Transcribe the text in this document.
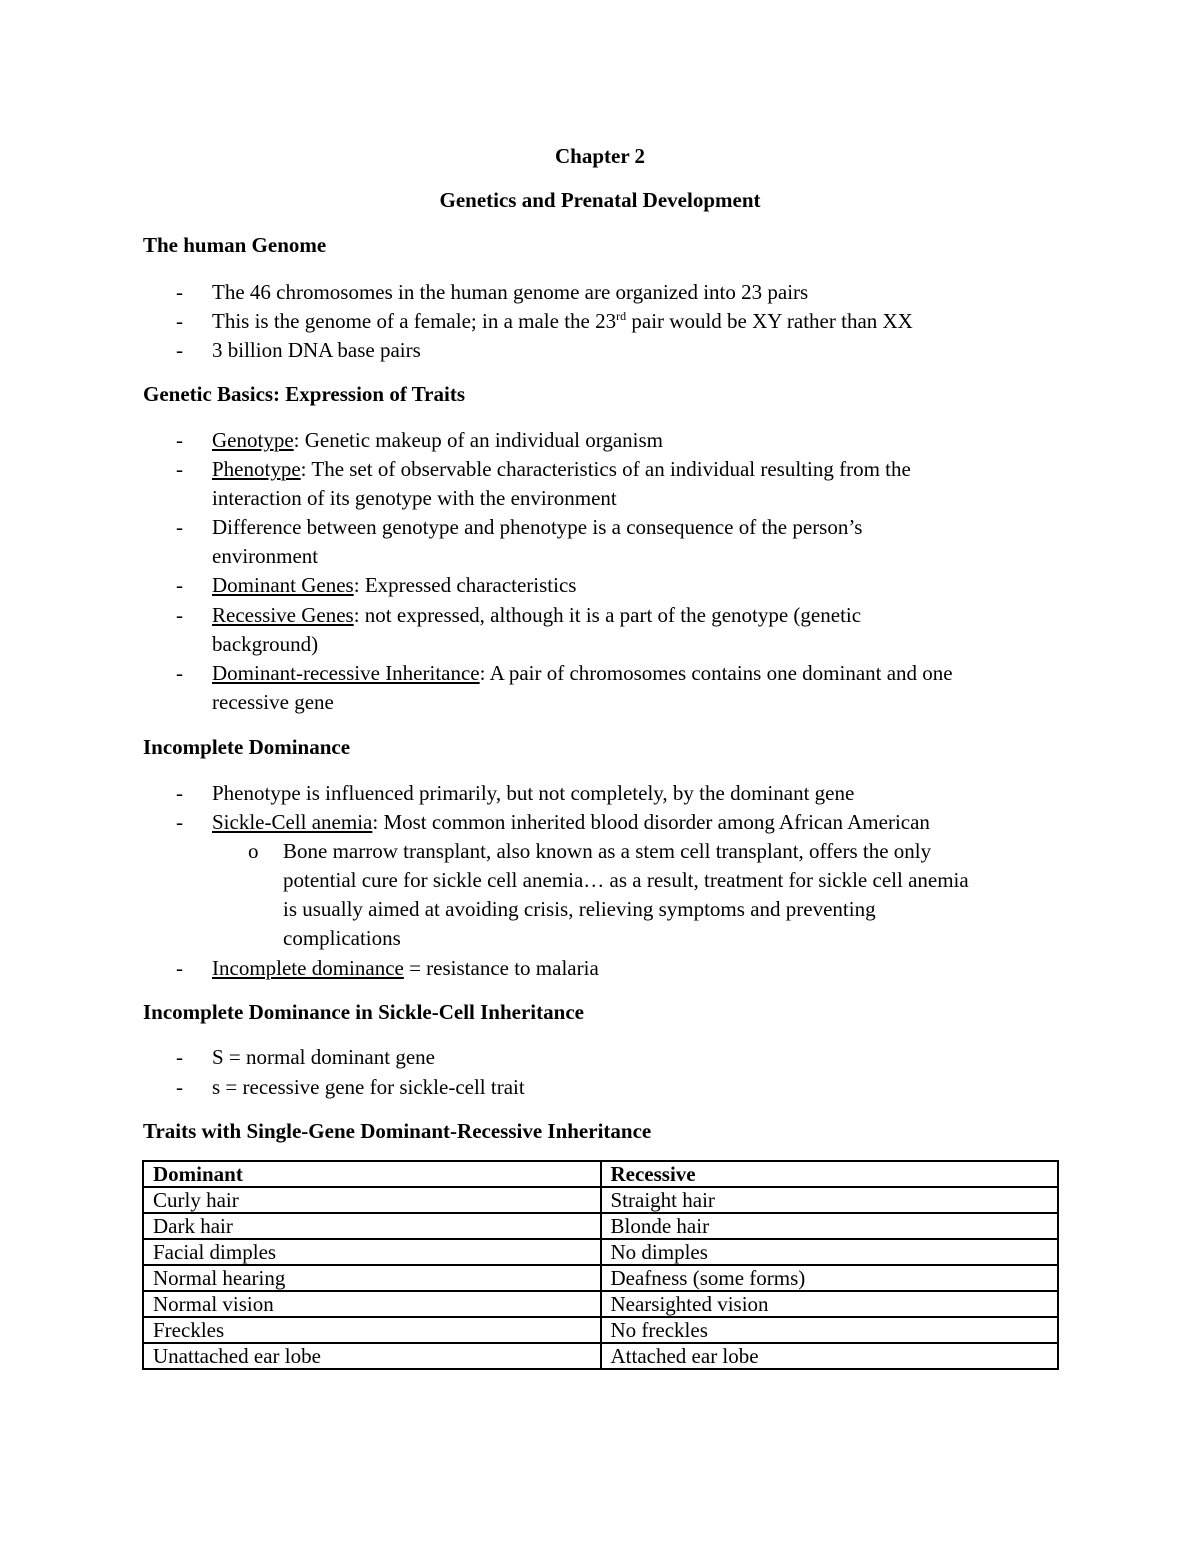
Chapter 2
Genetics and Prenatal Development
The human Genome
- The 46 chromosomes in the human genome are organized into 23 pairs
- This is the genome of a female; in a male the 23rd pair would be XY rather than XX
- 3 billion DNA base pairs
Genetic Basics: Expression of Traits
- Genotype: Genetic makeup of an individual organism
- Phenotype: The set of observable characteristics of an individual resulting from the
interaction of its genotype with the environment
- Difference between genotype and phenotype is a consequence of the person’s
environment
- Dominant Genes: Expressed characteristics
- Recessive Genes: not expressed, although it is a part of the genotype (genetic
background)
- Dominant-recessive Inheritance: A pair of chromosomes contains one dominant and one
recessive gene
Incomplete Dominance
- Phenotype is influenced primarily, but not completely, by the dominant gene
- Sickle-Cell anemia: Most common inherited blood disorder among African American
o Bone marrow transplant, also known as a stem cell transplant, offers the only
potential cure for sickle cell anemia… as a result, treatment for sickle cell anemia
is usually aimed at avoiding crisis, relieving symptoms and preventing
complications
- Incomplete dominance = resistance to malaria
Incomplete Dominance in Sickle-Cell Inheritance
- S = normal dominant gene
- s = recessive gene for sickle-cell trait
Traits with Single-Gene Dominant-Recessive Inheritance
Dominant	Recessive
Curly hair	Straight hair
Dark hair	Blonde hair
Facial dimples	No dimples
Normal hearing	Deafness (some forms)
Normal vision	Nearsighted vision
Freckles	No freckles
Unattached ear lobe	Attached ear lobe
